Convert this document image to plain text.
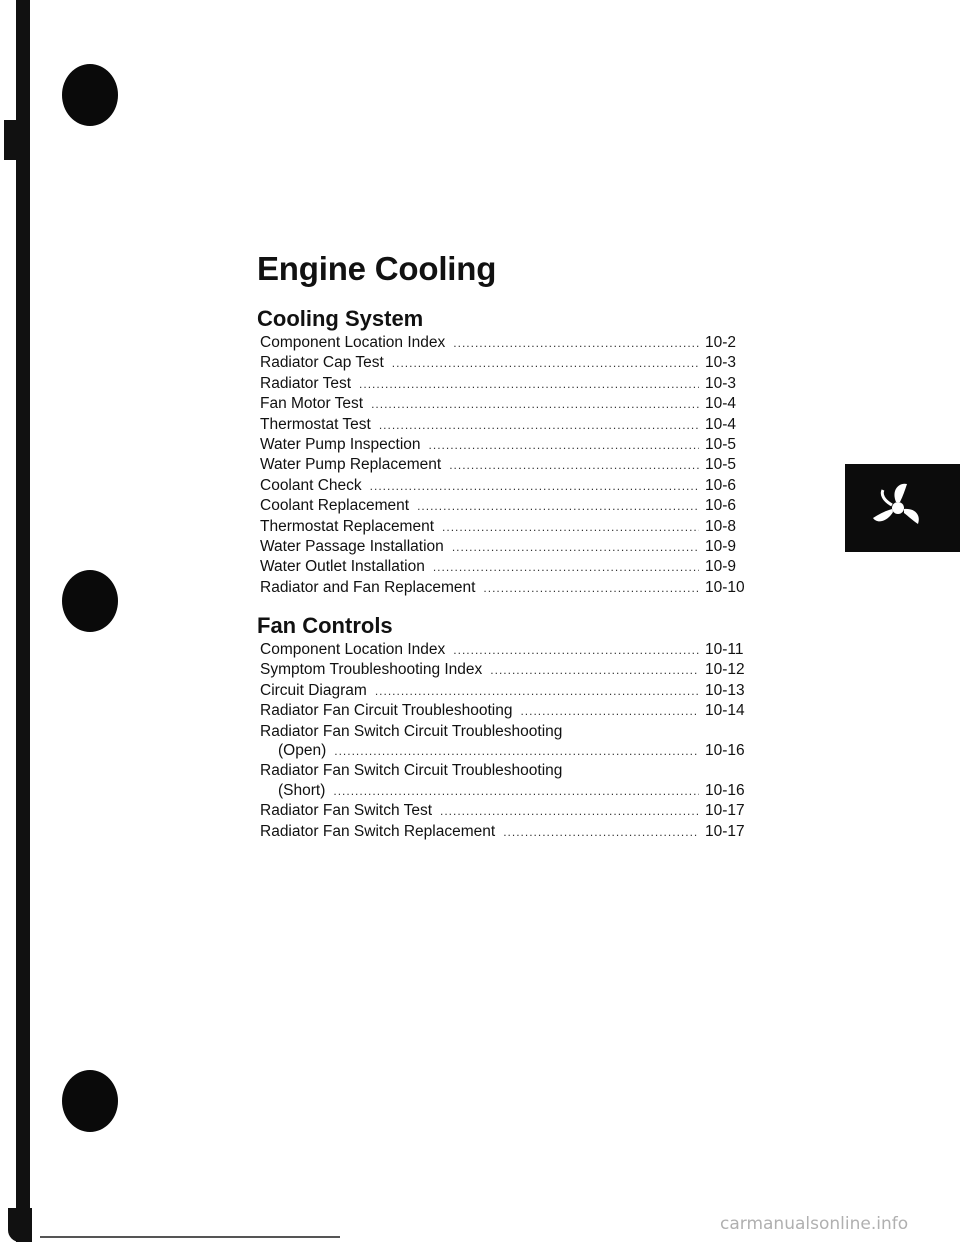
Engine Cooling
Cooling System
Component Location Index .....	10-2
Radiator Cap Test .....	10-3
Radiator Test .....	10-3
Fan Motor Test .....	10-4
Thermostat Test .....	10-4
Water Pump Inspection .....	10-5
Water Pump Replacement .....	10-5
Coolant Check .....	10-6
Coolant Replacement .....	10-6
Thermostat Replacement .....	10-8
Water Passage Installation .....	10-9
Water Outlet Installation .....	10-9
Radiator and Fan Replacement .....	10-10
Fan Controls
Component Location Index .....	10-11
Symptom Troubleshooting Index .....	10-12
Circuit Diagram .....	10-13
Radiator Fan Circuit Troubleshooting .....	10-14
Radiator Fan Switch Circuit Troubleshooting
(Open) .....	10-16
Radiator Fan Switch Circuit Troubleshooting
(Short) .....	10-16
Radiator Fan Switch Test .....	10-17
Radiator Fan Switch Replacement .....	10-17
carmanualsonline.info
